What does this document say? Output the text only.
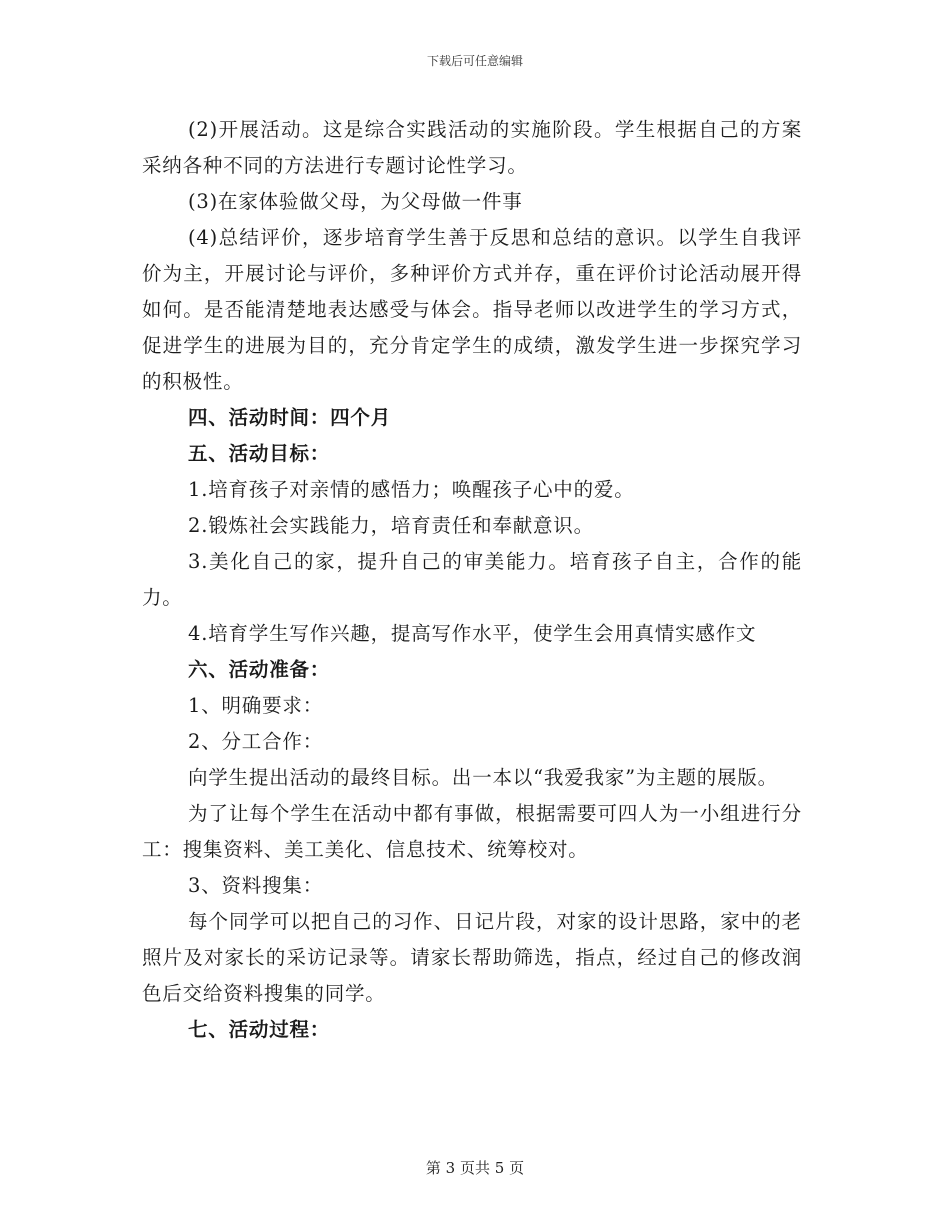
下载后可任意编辑

(2)开展活动。这是综合实践活动的实施阶段。学生根据自己的方案采纳各种不同的方法进行专题讨论性学习。

(3)在家体验做父母，为父母做一件事

(4)总结评价，逐步培育学生善于反思和总结的意识。以学生自我评价为主，开展讨论与评价，多种评价方式并存，重在评价讨论活动展开得如何。是否能清楚地表达感受与体会。指导老师以改进学生的学习方式，促进学生的进展为目的，充分肯定学生的成绩，激发学生进一步探究学习的积极性。

四、活动时间：四个月

五、活动目标：

1.培育孩子对亲情的感悟力；唤醒孩子心中的爱。

2.锻炼社会实践能力，培育责任和奉献意识。

3.美化自己的家，提升自己的审美能力。培育孩子自主，合作的能力。

4.培育学生写作兴趣，提高写作水平，使学生会用真情实感作文

六、活动准备：

1、明确要求：

2、分工合作：

向学生提出活动的最终目标。出一本以“我爱我家”为主题的展版。

为了让每个学生在活动中都有事做，根据需要可四人为一小组进行分工：搜集资料、美工美化、信息技术、统筹校对。

3、资料搜集：

每个同学可以把自己的习作、日记片段，对家的设计思路，家中的老照片及对家长的采访记录等。请家长帮助筛选，指点，经过自己的修改润色后交给资料搜集的同学。

七、活动过程：

第 3 页共 5 页
